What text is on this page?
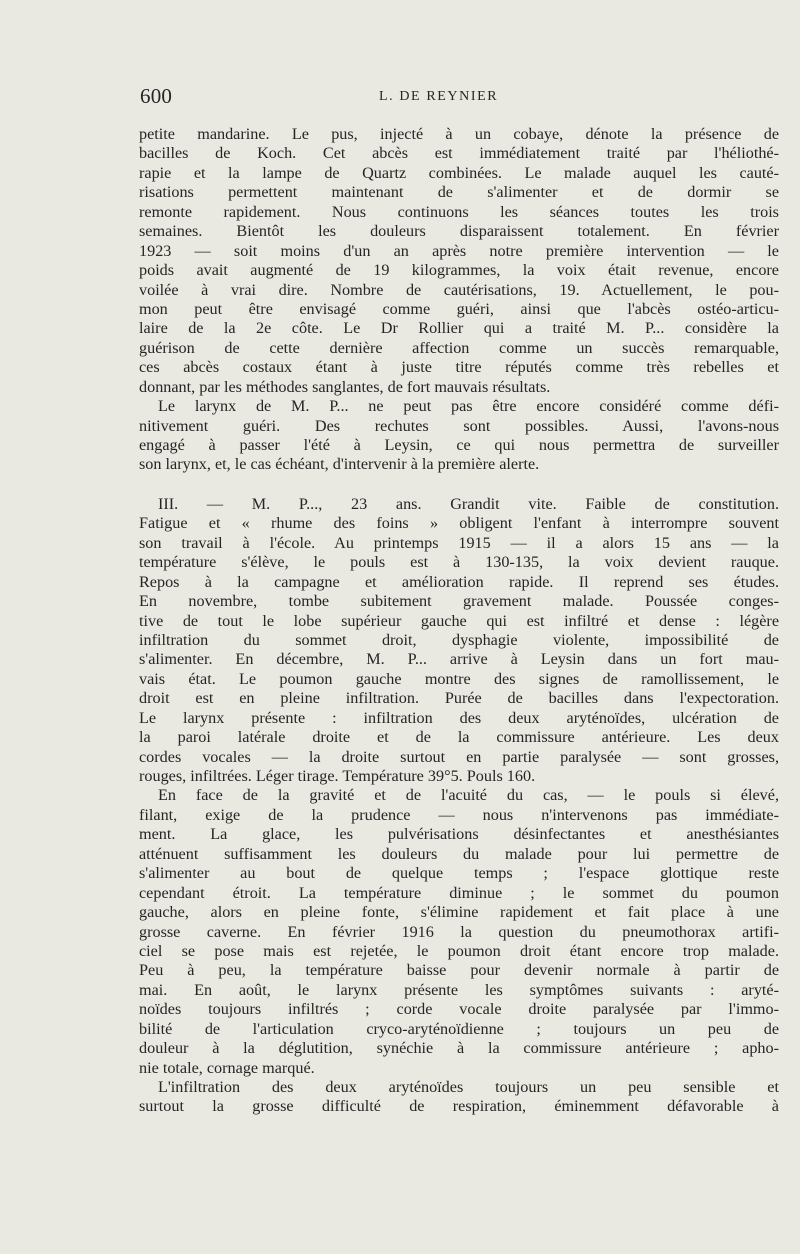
600	L. DE REYNIER
petite mandarine. Le pus, injecté à un cobaye, dénote la présence de
bacilles de Koch. Cet abcès est immédiatement traité par l'héliothé-
rapie et la lampe de Quartz combinées. Le malade auquel les cauté-
risations permettent maintenant de s'alimenter et de dormir se
remonte rapidement. Nous continuons les séances toutes les trois
semaines. Bientôt les douleurs disparaissent totalement. En février
1923 — soit moins d'un an après notre première intervention — le
poids avait augmenté de 19 kilogrammes, la voix était revenue, encore
voilée à vrai dire. Nombre de cautérisations, 19. Actuellement, le pou-
mon peut être envisagé comme guéri, ainsi que l'abcès ostéo-articu-
laire de la 2e côte. Le Dr Rollier qui a traité M. P... considère la
guérison de cette dernière affection comme un succès remarquable,
ces abcès costaux étant à juste titre réputés comme très rebelles et
donnant, par les méthodes sanglantes, de fort mauvais résultats.
Le larynx de M. P... ne peut pas être encore considéré comme défi-
nitivement guéri. Des rechutes sont possibles. Aussi, l'avons-nous
engagé à passer l'été à Leysin, ce qui nous permettra de surveiller
son larynx, et, le cas échéant, d'intervenir à la première alerte.
III. — M. P..., 23 ans. Grandit vite. Faible de constitution.
Fatigue et « rhume des foins » obligent l'enfant à interrompre souvent
son travail à l'école. Au printemps 1915 — il a alors 15 ans — la
température s'élève, le pouls est à 130-135, la voix devient rauque.
Repos à la campagne et amélioration rapide. Il reprend ses études.
En novembre, tombe subitement gravement malade. Poussée conges-
tive de tout le lobe supérieur gauche qui est infiltré et dense : légère
infiltration du sommet droit, dysphagie violente, impossibilité de
s'alimenter. En décembre, M. P... arrive à Leysin dans un fort mau-
vais état. Le poumon gauche montre des signes de ramollissement, le
droit est en pleine infiltration. Purée de bacilles dans l'expectoration.
Le larynx présente : infiltration des deux aryténoïdes, ulcération de
la paroi latérale droite et de la commissure antérieure. Les deux
cordes vocales — la droite surtout en partie paralysée — sont grosses,
rouges, infiltrées. Léger tirage. Température 39°5. Pouls 160.
En face de la gravité et de l'acuité du cas, — le pouls si élevé,
filant, exige de la prudence — nous n'intervenons pas immédiate-
ment. La glace, les pulvérisations désinfectantes et anesthésiantes
atténuent suffisamment les douleurs du malade pour lui permettre de
s'alimenter au bout de quelque temps ; l'espace glottique reste
cependant étroit. La température diminue ; le sommet du poumon
gauche, alors en pleine fonte, s'élimine rapidement et fait place à une
grosse caverne. En février 1916 la question du pneumothorax artifi-
ciel se pose mais est rejetée, le poumon droit étant encore trop malade.
Peu à peu, la température baisse pour devenir normale à partir de
mai. En août, le larynx présente les symptômes suivants : aryté-
noïdes toujours infiltrés ; corde vocale droite paralysée par l'immo-
bilité de l'articulation cryco-aryténoïdienne ; toujours un peu de
douleur à la déglutition, synéchie à la commissure antérieure ; apho-
nie totale, cornage marqué.
L'infiltration des deux aryténoïdes toujours un peu sensible et
surtout la grosse difficulté de respiration, éminemment défavorable à
